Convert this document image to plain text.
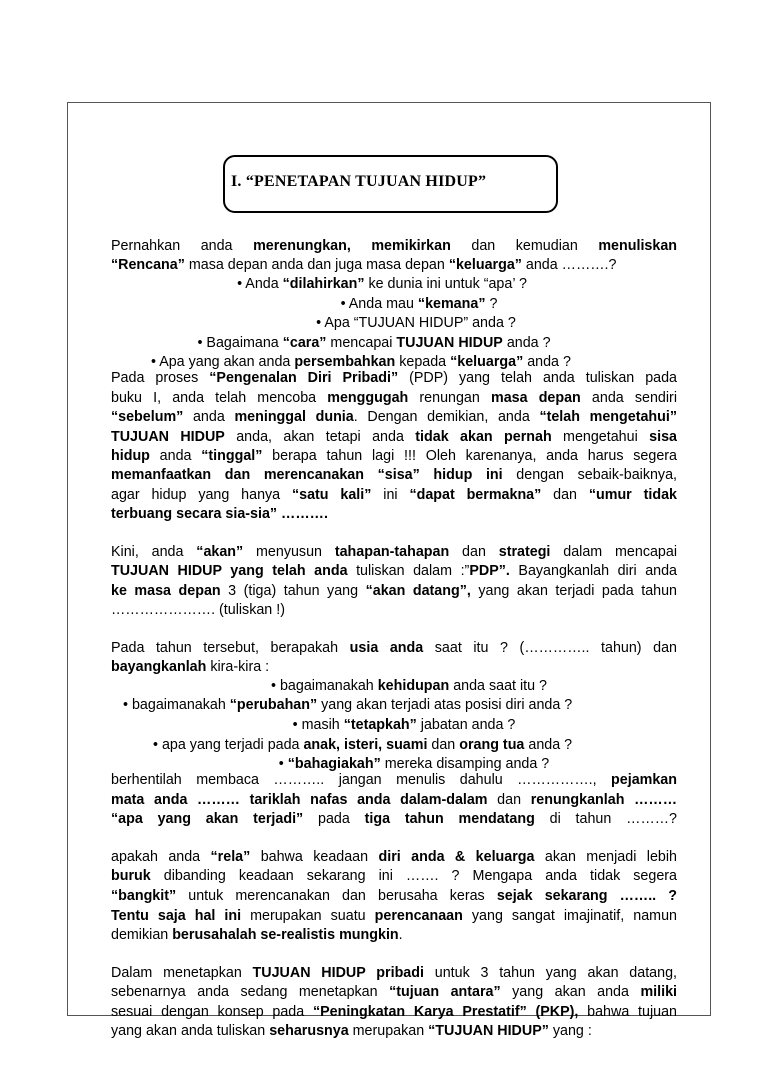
I. “PENETAPAN TUJUAN HIDUP”
Pernahkan anda merenungkan, memikirkan dan kemudian menuliskan
“Rencana” masa depan anda dan juga masa depan “keluarga” anda ……….?
• Anda “dilahirkan” ke dunia ini untuk “apa’ ?
• Anda mau “kemana” ?
• Apa “TUJUAN HIDUP” anda ?
• Bagaimana “cara” mencapai TUJUAN HIDUP anda ?
• Apa yang akan anda persembahkan kepada “keluarga” anda ?
Pada proses “Pengenalan Diri Pribadi” (PDP) yang telah anda tuliskan pada
buku I, anda telah mencoba menggugah renungan masa depan anda sendiri
“sebelum” anda meninggal dunia. Dengan demikian, anda “telah mengetahui”
TUJUAN HIDUP anda, akan tetapi anda tidak akan pernah mengetahui sisa
hidup anda “tinggal” berapa tahun lagi !!! Oleh karenanya, anda harus segera
memanfaatkan dan merencanakan “sisa” hidup ini dengan sebaik-baiknya,
agar hidup yang hanya “satu kali” ini “dapat bermakna” dan “umur tidak
terbuang secara sia-sia” ……….
Kini, anda “akan” menyusun tahapan-tahapan dan strategi dalam mencapai
TUJUAN HIDUP yang telah anda tuliskan dalam :”PDP”. Bayangkanlah diri anda
ke masa depan 3 (tiga) tahun yang “akan datang”, yang akan terjadi pada tahun
…………………. (tuliskan !)
Pada tahun tersebut, berapakah usia anda saat itu ? (………….. tahun) dan
bayangkanlah kira-kira :
• bagaimanakah kehidupan anda saat itu ?
• bagaimanakah “perubahan” yang akan terjadi atas posisi diri anda ?
• masih “tetapkah” jabatan anda ?
• apa yang terjadi pada anak, isteri, suami dan orang tua anda ?
• “bahagiakah” mereka disamping anda ?
berhentilah membaca ……….. jangan menulis dahulu ……………., pejamkan
mata anda ……… tariklah nafas anda dalam-dalam dan renungkanlah ………
“apa yang akan terjadi” pada tiga tahun mendatang di tahun ………?
apakah anda “rela” bahwa keadaan diri anda & keluarga akan menjadi lebih
buruk dibanding keadaan sekarang ini ……. ? Mengapa anda tidak segera
“bangkit” untuk merencanakan dan berusaha keras sejak sekarang …….. ?
Tentu saja hal ini merupakan suatu perencanaan yang sangat imajinatif, namun
demikian berusahalah se-realistis mungkin.
Dalam menetapkan TUJUAN HIDUP pribadi untuk 3 tahun yang akan datang,
sebenarnya anda sedang menetapkan “tujuan antara” yang akan anda miliki
sesuai dengan konsep pada “Peningkatan Karya Prestatif” (PKP), bahwa tujuan
yang akan anda tuliskan seharusnya merupakan “TUJUAN HIDUP” yang :
